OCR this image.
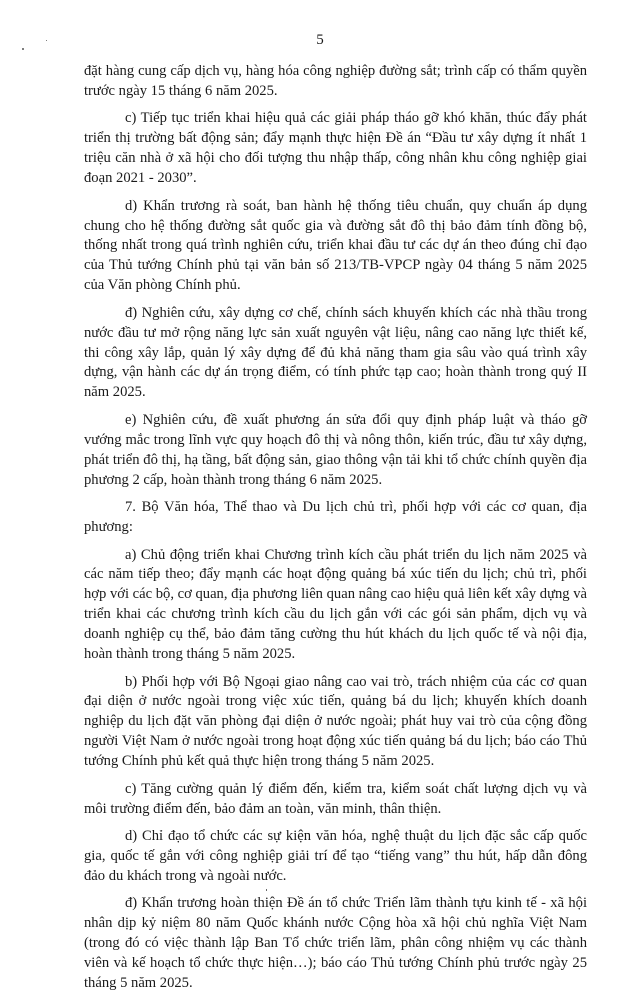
5

đặt hàng cung cấp dịch vụ, hàng hóa công nghiệp đường sắt; trình cấp có thẩm quyền trước ngày 15 tháng 6 năm 2025.

c) Tiếp tục triển khai hiệu quả các giải pháp tháo gỡ khó khăn, thúc đẩy phát triển thị trường bất động sản; đẩy mạnh thực hiện Đề án “Đầu tư xây dựng ít nhất 1 triệu căn nhà ở xã hội cho đối tượng thu nhập thấp, công nhân khu công nghiệp giai đoạn 2021 - 2030”.

d) Khẩn trương rà soát, ban hành hệ thống tiêu chuẩn, quy chuẩn áp dụng chung cho hệ thống đường sắt quốc gia và đường sắt đô thị bảo đảm tính đồng bộ, thống nhất trong quá trình nghiên cứu, triển khai đầu tư các dự án theo đúng chỉ đạo của Thủ tướng Chính phủ tại văn bản số 213/TB-VPCP ngày 04 tháng 5 năm 2025 của Văn phòng Chính phủ.

đ) Nghiên cứu, xây dựng cơ chế, chính sách khuyến khích các nhà thầu trong nước đầu tư mở rộng năng lực sản xuất nguyên vật liệu, nâng cao năng lực thiết kế, thi công xây lắp, quản lý xây dựng để đủ khả năng tham gia sâu vào quá trình xây dựng, vận hành các dự án trọng điểm, có tính phức tạp cao; hoàn thành trong quý II năm 2025.

e) Nghiên cứu, đề xuất phương án sửa đổi quy định pháp luật và tháo gỡ vướng mắc trong lĩnh vực quy hoạch đô thị và nông thôn, kiến trúc, đầu tư xây dựng, phát triển đô thị, hạ tầng, bất động sản, giao thông vận tải khi tổ chức chính quyền địa phương 2 cấp, hoàn thành trong tháng 6 năm 2025.

7. Bộ Văn hóa, Thể thao và Du lịch chủ trì, phối hợp với các cơ quan, địa phương:

a) Chủ động triển khai Chương trình kích cầu phát triển du lịch năm 2025 và các năm tiếp theo; đẩy mạnh các hoạt động quảng bá xúc tiến du lịch; chủ trì, phối hợp với các bộ, cơ quan, địa phương liên quan nâng cao hiệu quả liên kết xây dựng và triển khai các chương trình kích cầu du lịch gắn với các gói sản phẩm, dịch vụ và doanh nghiệp cụ thể, bảo đảm tăng cường thu hút khách du lịch quốc tế và nội địa, hoàn thành trong tháng 5 năm 2025.

b) Phối hợp với Bộ Ngoại giao nâng cao vai trò, trách nhiệm của các cơ quan đại diện ở nước ngoài trong việc xúc tiến, quảng bá du lịch; khuyến khích doanh nghiệp du lịch đặt văn phòng đại diện ở nước ngoài; phát huy vai trò của cộng đồng người Việt Nam ở nước ngoài trong hoạt động xúc tiến quảng bá du lịch; báo cáo Thủ tướng Chính phủ kết quả thực hiện trong tháng 5 năm 2025.

c) Tăng cường quản lý điểm đến, kiểm tra, kiểm soát chất lượng dịch vụ và môi trường điểm đến, bảo đảm an toàn, văn minh, thân thiện.

d) Chỉ đạo tổ chức các sự kiện văn hóa, nghệ thuật du lịch đặc sắc cấp quốc gia, quốc tế gắn với công nghiệp giải trí để tạo “tiếng vang” thu hút, hấp dẫn đông đảo du khách trong và ngoài nước.

đ) Khẩn trương hoàn thiện Đề án tổ chức Triển lãm thành tựu kinh tế - xã hội nhân dịp kỷ niệm 80 năm Quốc khánh nước Cộng hòa xã hội chủ nghĩa Việt Nam (trong đó có việc thành lập Ban Tổ chức triển lãm, phân công nhiệm vụ các thành viên và kế hoạch tổ chức thực hiện…); báo cáo Thủ tướng Chính phủ trước ngày 25 tháng 5 năm 2025.
